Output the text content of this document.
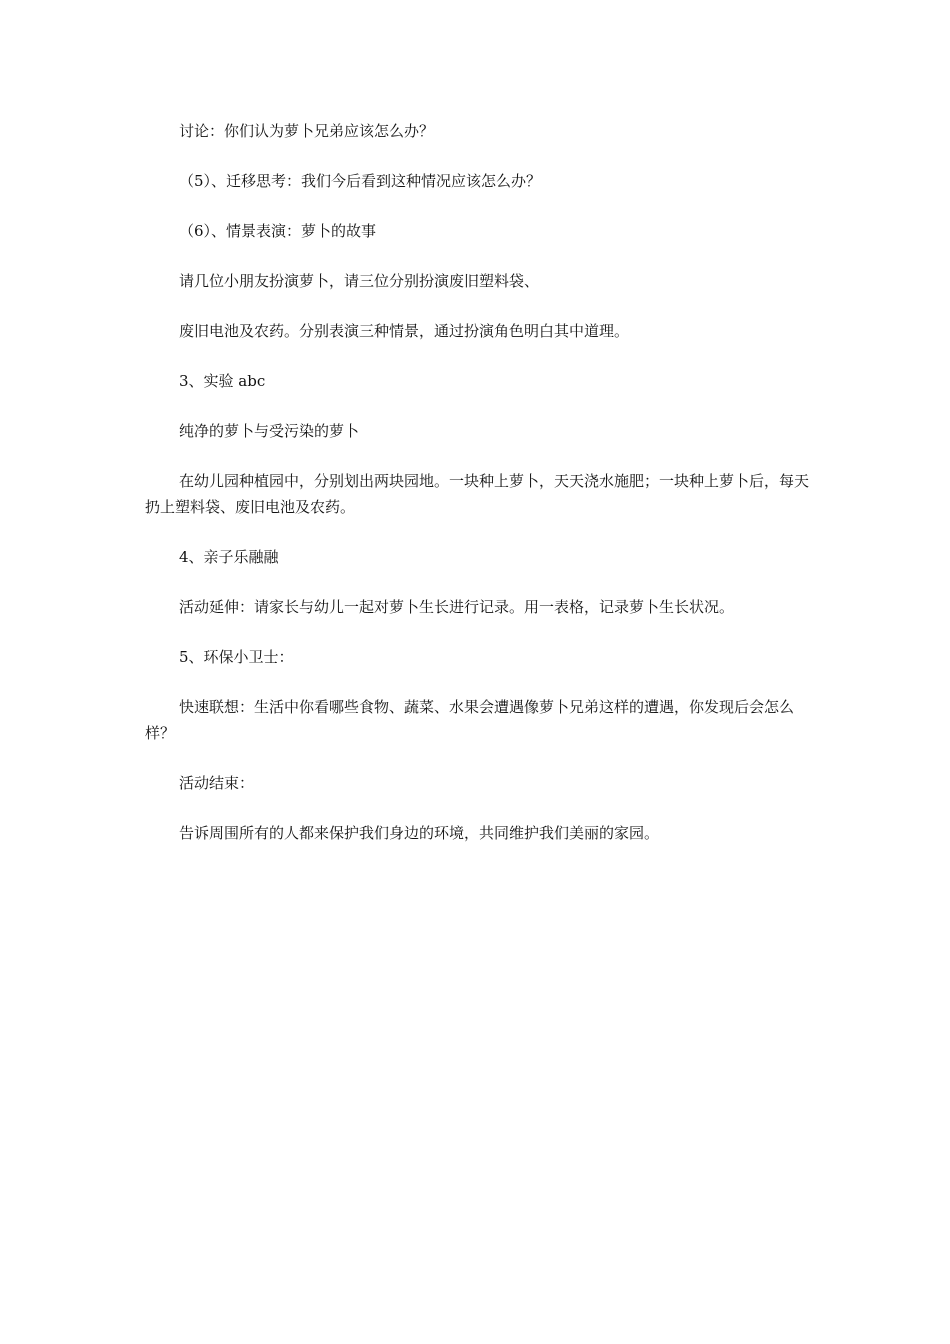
讨论：你们认为萝卜兄弟应该怎么办？

（5）、迁移思考：我们今后看到这种情况应该怎么办？

（6）、情景表演：萝卜的故事

请几位小朋友扮演萝卜，请三位分别扮演废旧塑料袋、

废旧电池及农药。分别表演三种情景，通过扮演角色明白其中道理。

3、实验 abc

纯净的萝卜与受污染的萝卜

在幼儿园种植园中，分别划出两块园地。一块种上萝卜，天天浇水施肥；一块种上萝卜后，每天扔上塑料袋、废旧电池及农药。

4、亲子乐融融

活动延伸：请家长与幼儿一起对萝卜生长进行记录。用一表格，记录萝卜生长状况。

5、环保小卫士：

快速联想：生活中你看哪些食物、蔬菜、水果会遭遇像萝卜兄弟这样的遭遇，你发现后会怎么样？

活动结束：

告诉周围所有的人都来保护我们身边的环境，共同维护我们美丽的家园。
